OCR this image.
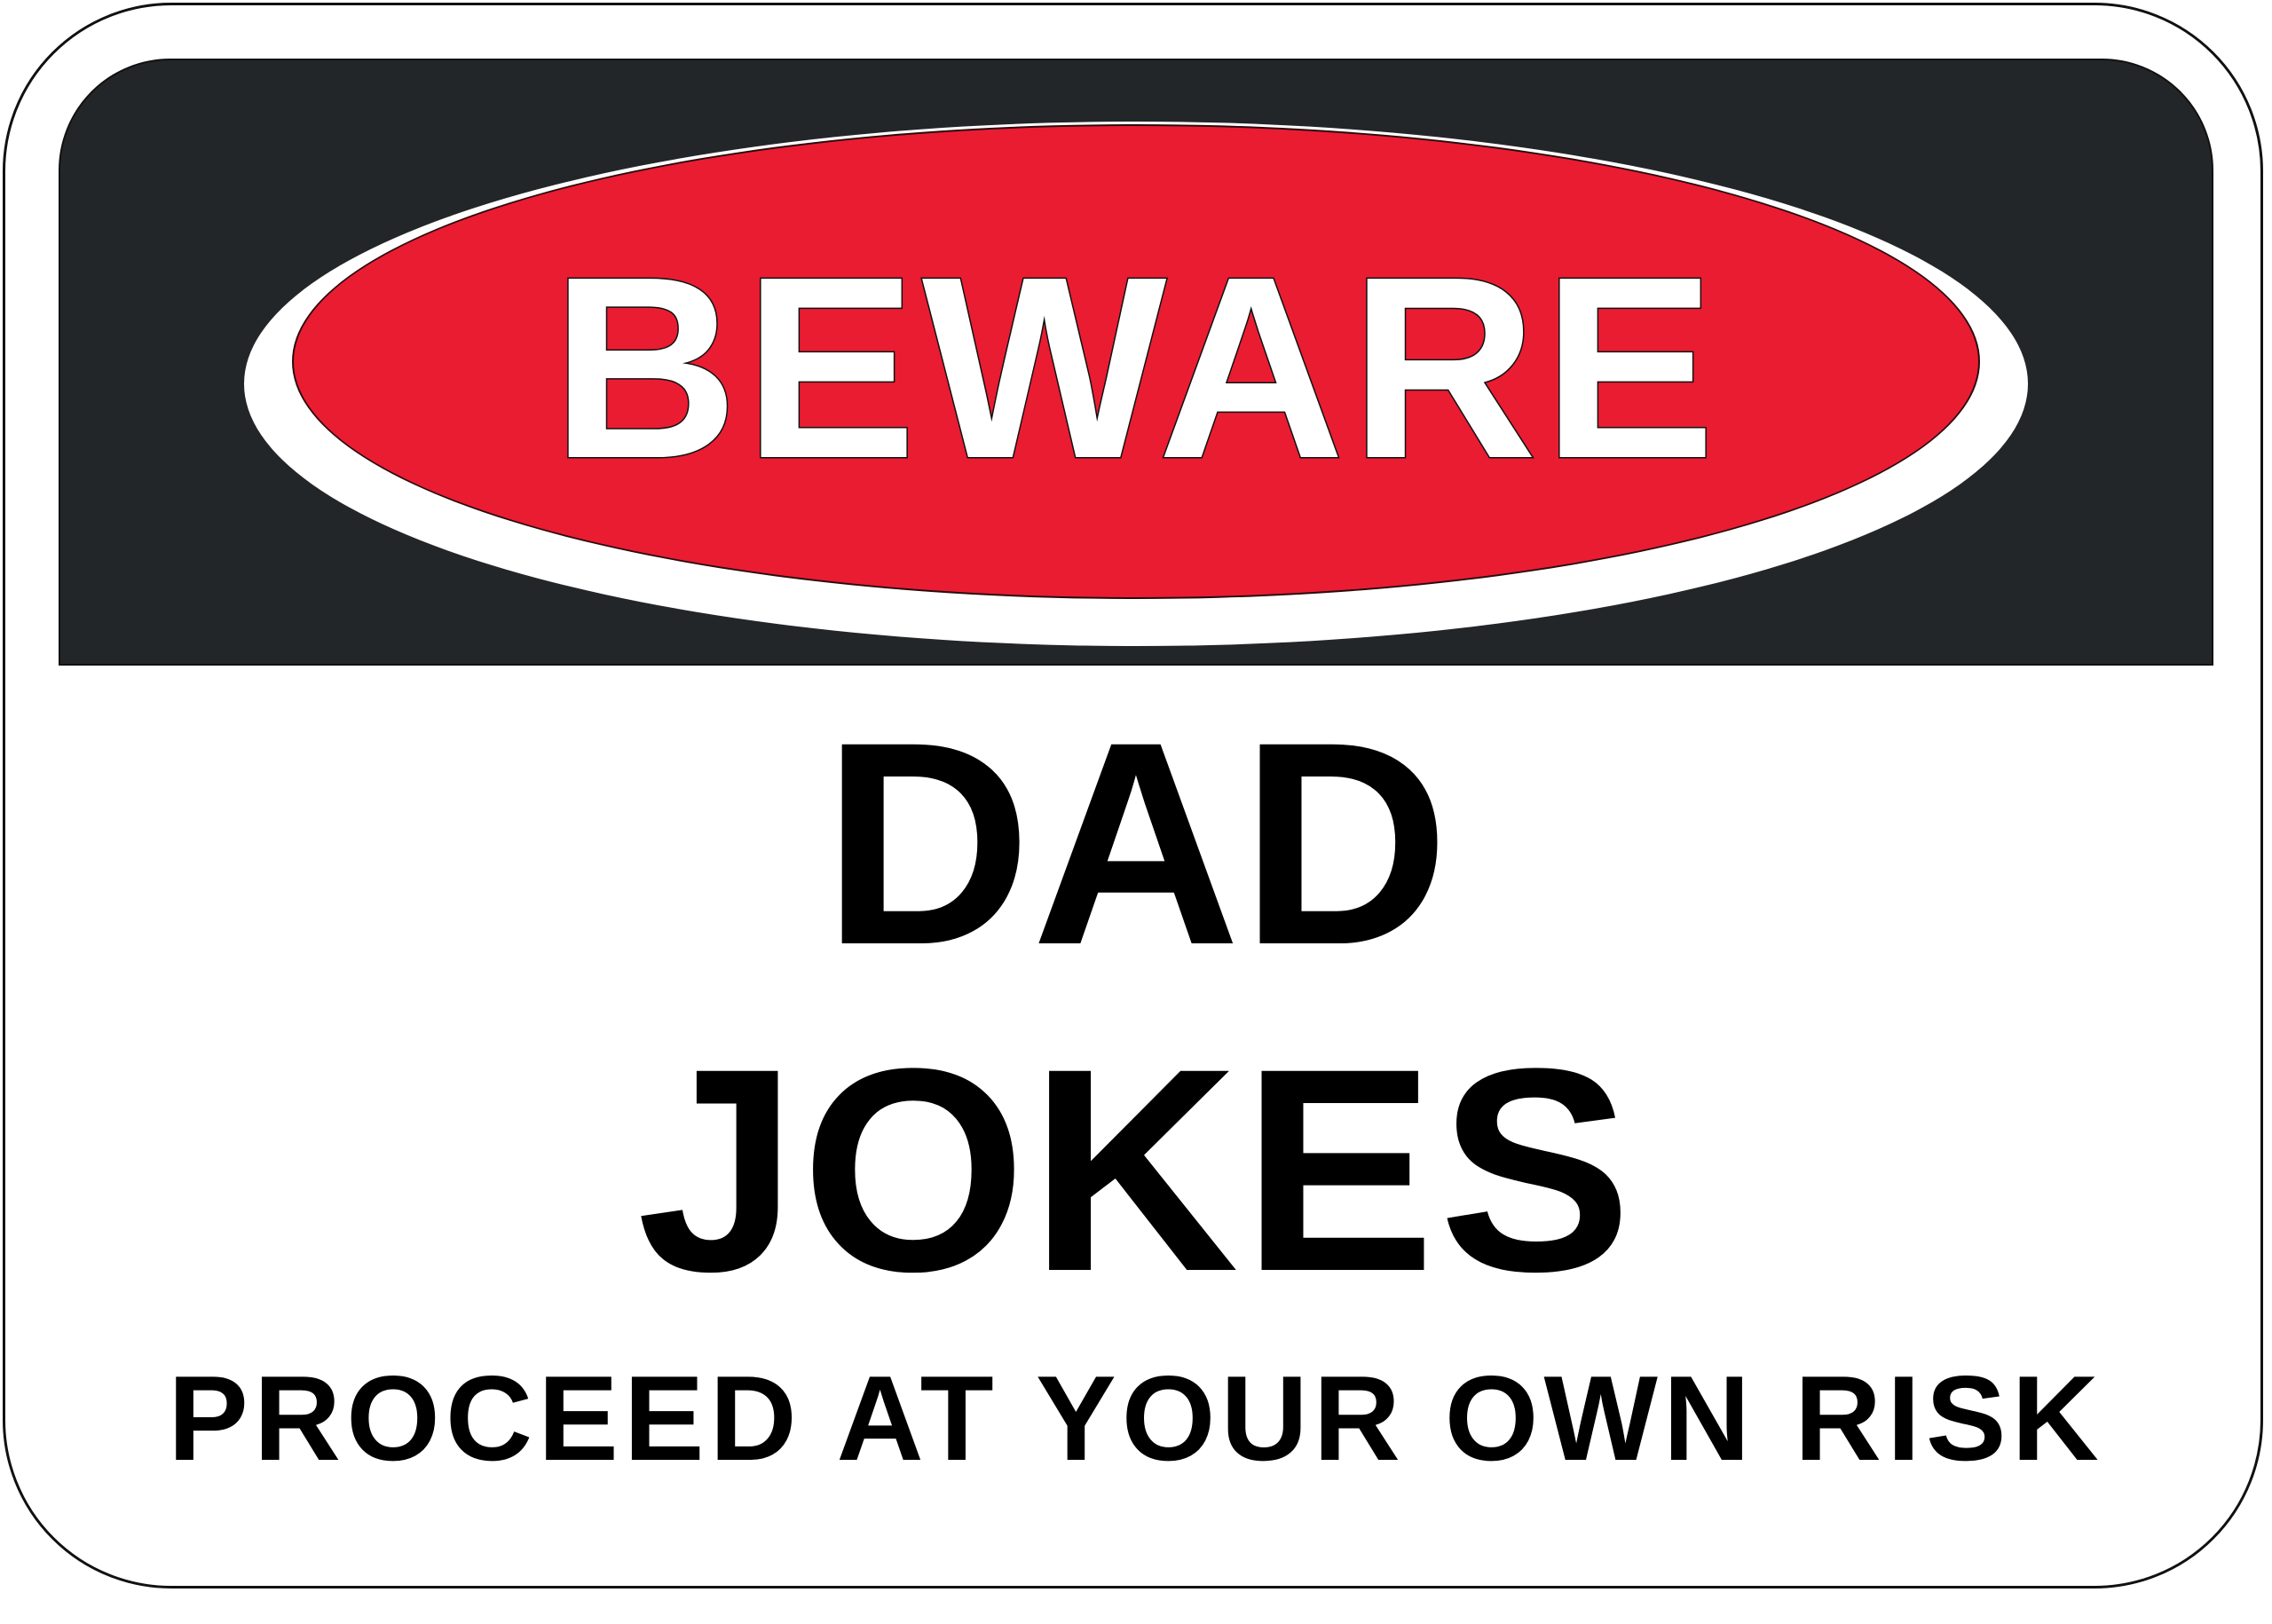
BEWARE
DAD
JOKES
PROCEED AT YOUR OWN RISK
